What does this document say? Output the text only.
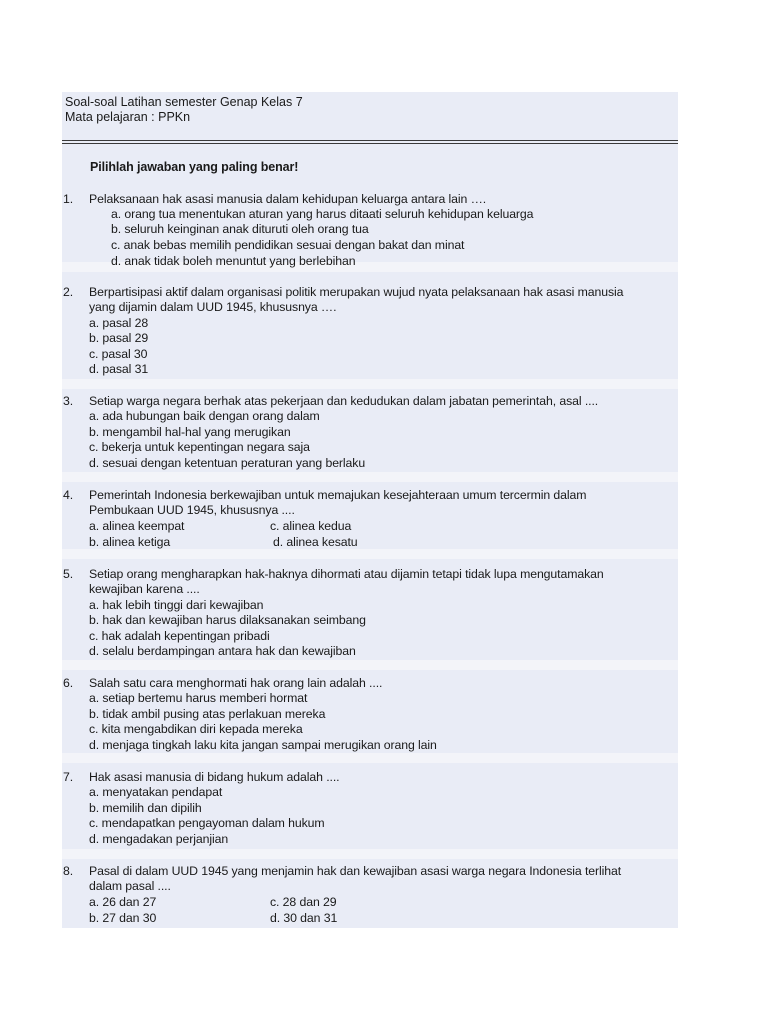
Soal-soal Latihan semester Genap Kelas 7
Mata pelajaran : PPKn
Pilihlah jawaban yang paling benar!
1. Pelaksanaan hak asasi manusia dalam kehidupan keluarga antara lain ….
a. orang tua menentukan aturan yang harus ditaati seluruh kehidupan keluarga
b. seluruh keinginan anak dituruti oleh orang tua
c. anak bebas memilih pendidikan sesuai dengan bakat dan minat
d. anak tidak boleh menuntut yang berlebihan
2. Berpartisipasi aktif dalam organisasi politik merupakan wujud nyata pelaksanaan hak asasi manusia
yang dijamin dalam UUD 1945, khususnya ….
a. pasal 28
b. pasal 29
c. pasal 30
d. pasal 31
3. Setiap warga negara berhak atas pekerjaan dan kedudukan dalam jabatan pemerintah, asal ....
a. ada hubungan baik dengan orang dalam
b. mengambil hal-hal yang merugikan
c. bekerja untuk kepentingan negara saja
d. sesuai dengan ketentuan peraturan yang berlaku
4. Pemerintah Indonesia berkewajiban untuk memajukan kesejahteraan umum tercermin dalam
Pembukaan UUD 1945, khususnya ....
a. alinea keempat	c. alinea kedua
b. alinea ketiga	d. alinea kesatu
5. Setiap orang mengharapkan hak-haknya dihormati atau dijamin tetapi tidak lupa mengutamakan
kewajiban karena ....
a. hak lebih tinggi dari kewajiban
b. hak dan kewajiban harus dilaksanakan seimbang
c. hak adalah kepentingan pribadi
d. selalu berdampingan antara hak dan kewajiban
6. Salah satu cara menghormati hak orang lain adalah ....
a. setiap bertemu harus memberi hormat
b. tidak ambil pusing atas perlakuan mereka
c. kita mengabdikan diri kepada mereka
d. menjaga tingkah laku kita jangan sampai merugikan orang lain
7. Hak asasi manusia di bidang hukum adalah ....
a. menyatakan pendapat
b. memilih dan dipilih
c. mendapatkan pengayoman dalam hukum
d. mengadakan perjanjian
8. Pasal di dalam UUD 1945 yang menjamin hak dan kewajiban asasi warga negara Indonesia terlihat
dalam pasal ....
a. 26 dan 27	c. 28 dan 29
b. 27 dan 30	d. 30 dan 31
